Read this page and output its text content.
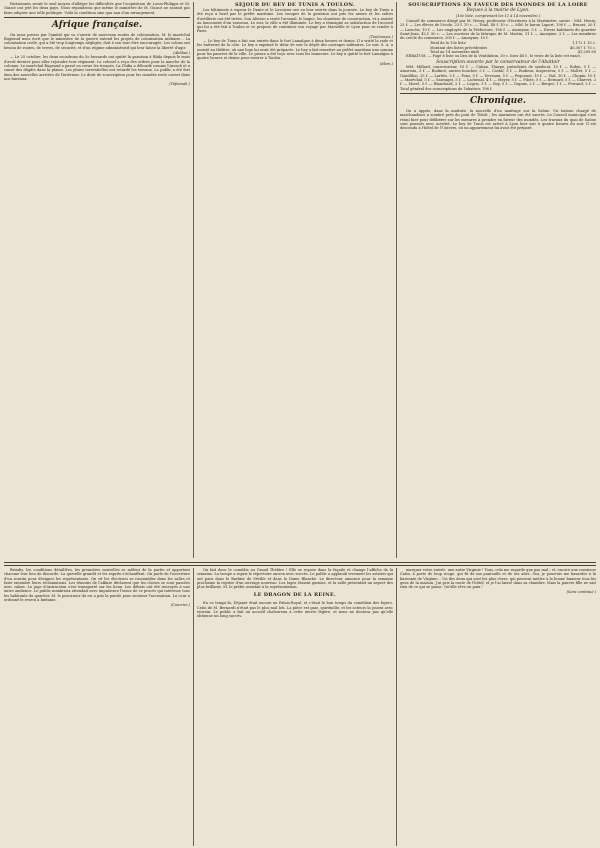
Parisiennes serait le seul moyen d'alléger les difficultés que l'acquisition de Louis-Philippe et M. Guizot ont jeté les deux pays. Nous répondrons que même le ministère de M. Guizot ne saurait pas faire adopter une telle politique. Voilà la condition sine qua non d'un arrangement.

Afrique française.

On nous presse par l'amitié qui va s'ouvrir de nouveaux routes de colonisation. M. le maréchal Bugeaud nous écrit que le ministère de la guerre entend les projets de colonisation militaire... La colonisation civile, qui a été trop longtemps négligée, doit à son tour être encouragée. Les colons ont besoin de routes, de terres, de sécurité, et d'un régime administratif qui leur laisse la liberté d'agir.

(Akhbar.)

— Le 25 octobre, les deux escadrons du 5e hussards ont quitté la garnison à Blida depuis le mois d'avril dernier pour aller rejoindre leur régiment. Le colonel a reçu des ordres pour la marche de la colonne. Le maréchal Bugeaud a passé en revue les troupes. La Chifia a débordé comme l'Arrach et a causé des dégâts dans la plaine. Les pluies torrentielles ont retardé les travaux. Le public a été fort ému des nouvelles arrivées de l'intérieur. Le droit de souscription pour les inondés reste ouvert dans nos bureaux.

(Tafnanali.)
SÉJOUR DU BEY DE TUNIS A TOULON.

Les bâtiments à vapeur le Dante et le Lavoisier ont eu leur entrée dans la journée. Le bey de Tunis a été reçu à bord par le préfet maritime. Les troupes de la garnison ont pris les armes et les salves d'artillerie ont été tirées. Son Altesse a visité l'arsenal, le bagne, les chantiers de construction, et a assisté au lancement d'un vaisseau. Le soir, la ville a été illuminée. Le bey a témoigné sa satisfaction de l'accueil qui lui a été fait à Toulon et se propose de continuer son voyage par Marseille et Lyon pour se rendre à Paris.

(Toulonnais.)

— Le bey de Tunis a fait son entrée dans le fort Lamalgue à deux heures et demie. Il a visité la rade et les batteries de la côte. Le bey a exprimé le désir de voir le dépôt des ouvrages militaires. Le soir, S. A. a assisté au théâtre, où une loge lui avait été préparée. Le bey a fait remettre au préfet maritime une somme pour les pauvres de la ville. Le prince a été reçu avec tous les honneurs. Le bey à quitté le fort Lamalgue à quatre heures et demie pour rentrer à Toulon.

(Idem.)
SOUSCRIPTIONS EN FAVEUR DES INONDÉS DE LA LOIRE
Reçues à la mairie de Lyon.
(10e liste, comprenant les 11 à 14 novembre.)

Conseil de commerce dirigé par M. Henry, professeur d'écritures à la Martinière, savoir : MM. Henry, 25 f. — Les élèves de l'école, 23 f. 10 c. — Total, 48 f. 10 c. — MM. le baron Laport, 100 f. — Brunet, 20 f. — Laroche, 10 f. — Les employés de la Préfecture, 180 f. — Anonyme, 5 f. — Divers habitants du quartier Saint-Jean, 42 f. 50 c. — Les ouvriers de la fabrique de M. Martin, 31 f. — Anonyme, 2 f. — Les membres du cercle du commerce, 200 f. — Anonyme, 10 f.

Total de la 10e liste	1,172 f. 15 c.
Montant des listes précédentes	40,307 f. 70 c.
Total au 14 novembre midi	41,209 80

ERRATUM. — Page 8 liste ou lieu de la Ventilation, 30 c. lisez 40 f., le reste de la liste est exact.

Souscription ouverte par le conservateur de l'Abattoir

MM. Millard, conservateur, 10 f. — Caban, Tharpe, présidents de syndicat, 15 f. — Robin, 5 f. — Amoreau, 5 f. — Bodinot, ancien boucher, 5 f. — Costal, 5 f. — Rodiens, inspecteur, 5 f. — Mollet, 5 f. — Gaudillon, 25 f. — Larbès, 5 f. — Pons, 5 f. — Deveaux, 5 f. — Pequenot, 10 f. — Vial, 10 f. — Chopin, 10 f. — Maréchal, 5 f. — Sauvaget, 5 f. — Lachenal, 4 f. — Meyer, 5 f. — Pilote, 5 f. — Bernard, 5 f. — Charvet, 2 f. — Morel, 5 f. — Blanchard, 2 f. — Legris, 3 f. — Roy, 5 f. — Dupuis, 2 f. — Berger, 1 f. — Ferrand, 2 f. — Total général des souscriptions de l'abattoir, 198 f.

Chronique.

On a appris, dans la matinée, la nouvelle d'un naufrage sur la Saône. Un bateau chargé de marchandises a sombré près du pont de Tilsitt ; les mariniers ont été sauvés. Le Conseil municipal s'est réuni hier pour délibérer sur les mesures à prendre en faveur des inondés. Les travaux du quai de Saône sont poussés avec activité. Le bey de Tunis est arrivé à Lyon hier soir à quatre heures du soir. Il est descendu à l'hôtel de l'Univers, où un appartement lui avait été préparé.

Brindis, les conditions détaillées, les premières nouvelles se mêlent de la partie et apportent chacune leur lieu de discorde. La querelle grandit et les esprits s'échauffent. On parle de l'ouverture d'un scrutin pour désigner les représentants. On vit les électeurs se rassembler dans les salles et faire entendre leurs réclamations. Les témoins de l'affaire déclarent que les choses se sont passées avec calme. Le juge d'instruction s'est transporté sur les lieux. Les débats ont été renvoyés à une autre audience. Le public nombreux attendait avec impatience l'issue de ce procès qui intéresse tous les habitants du quartier. M. le procureur du roi a pris la parole pour soutenir l'accusation. La cour a ordonné le renvoi à huitaine.

(Courrier.)

On fait donc le comédie au Grand Théâtre ! Elle se repose dans la façade et change l'affiche de la semaine. La troupe a repris le répertoire ancien avec succès. Le public a applaudi vivement les artistes qui ont paru dans le Barbier de Séville et dans la Dame Blanche. Le directeur annonce pour la semaine prochaine la reprise d'un ouvrage nouveau. Les loges étaient garnies, et la salle présentait un aspect des plus brillants. M. le préfet assistait à la représentation.

LE DRAGON DE LA REINE.

En ce temps-là, Déjanet était encore au Palais-Royal, et c'était le bon temps du comédien des foyers. Celui de M. Bernardi n'était pas le plus mal loti. La pièce est gaie, spirituelle, et les acteurs la jouent avec entrain. Le public a fait un accueil chaleureux à cette œuvre légère, et nous ne doutons pas qu'elle obtienne un long succès.

marquer votre entrée, une autre Virginie ! Tous, cela me regarde que pas mal ; et, encore une comtesse Catin, à porte de loup rouge, qui fit de ma pantoufle et de ses ailes. Oui, je pourrais me hasarder à la baronnie de Virginie... Un des deux qui sont les plus chers, qui peuvent mettre à la bonne humeur tous les gens de la maison. J'ai pris la route de l'hôtel, et je l'ai laissé dans sa chambre. Mais la pauvre fille ne sait rien de ce qui se passe. Qu'elle rêve en paix !

(Sera continué.)
